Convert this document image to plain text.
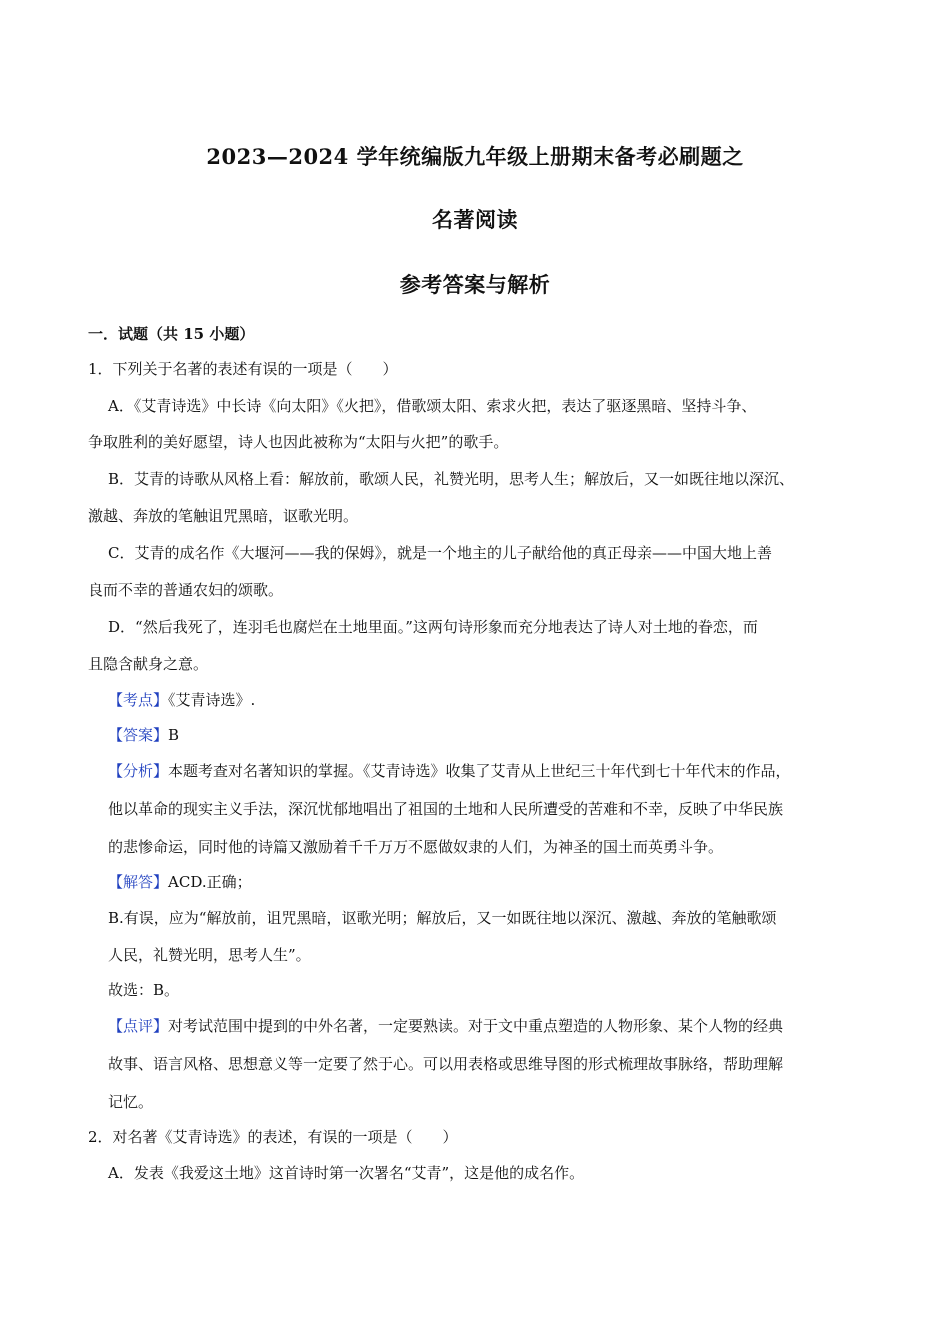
2023—2024 学年统编版九年级上册期末备考必刷题之
名著阅读
参考答案与解析
一．试题（共 15 小题）
1．下列关于名著的表述有误的一项是（　　）
A．《艾青诗选》中长诗《向太阳》《火把》，借歌颂太阳、索求火把，表达了驱逐黑暗、坚持斗争、
争取胜利的美好愿望，诗人也因此被称为“太阳与火把”的歌手。
B．艾青的诗歌从风格上看：解放前，歌颂人民，礼赞光明，思考人生；解放后，又一如既往地以深沉、
激越、奔放的笔触诅咒黑暗，讴歌光明。
C．艾青的成名作《大堰河——我的保姆》，就是一个地主的儿子献给他的真正母亲——中国大地上善
良而不幸的普通农妇的颂歌。
D．“然后我死了，连羽毛也腐烂在土地里面。”这两句诗形象而充分地表达了诗人对土地的眷恋，而
且隐含献身之意。
【考点】《艾青诗选》.
【答案】B
【分析】本题考查对名著知识的掌握。《艾青诗选》收集了艾青从上世纪三十年代到七十年代末的作品，
他以革命的现实主义手法，深沉忧郁地唱出了祖国的土地和人民所遭受的苦难和不幸，反映了中华民族
的悲惨命运，同时他的诗篇又激励着千千万万不愿做奴隶的人们，为神圣的国土而英勇斗争。
【解答】ACD.正确；
B.有误，应为“解放前，诅咒黑暗，讴歌光明；解放后，又一如既往地以深沉、激越、奔放的笔触歌颂
人民，礼赞光明，思考人生”。
故选：B。
【点评】对考试范围中提到的中外名著，一定要熟读。对于文中重点塑造的人物形象、某个人物的经典
故事、语言风格、思想意义等一定要了然于心。可以用表格或思维导图的形式梳理故事脉络，帮助理解
记忆。
2．对名著《艾青诗选》的表述，有误的一项是（　　）
A．发表《我爱这土地》这首诗时第一次署名“艾青”，这是他的成名作。
